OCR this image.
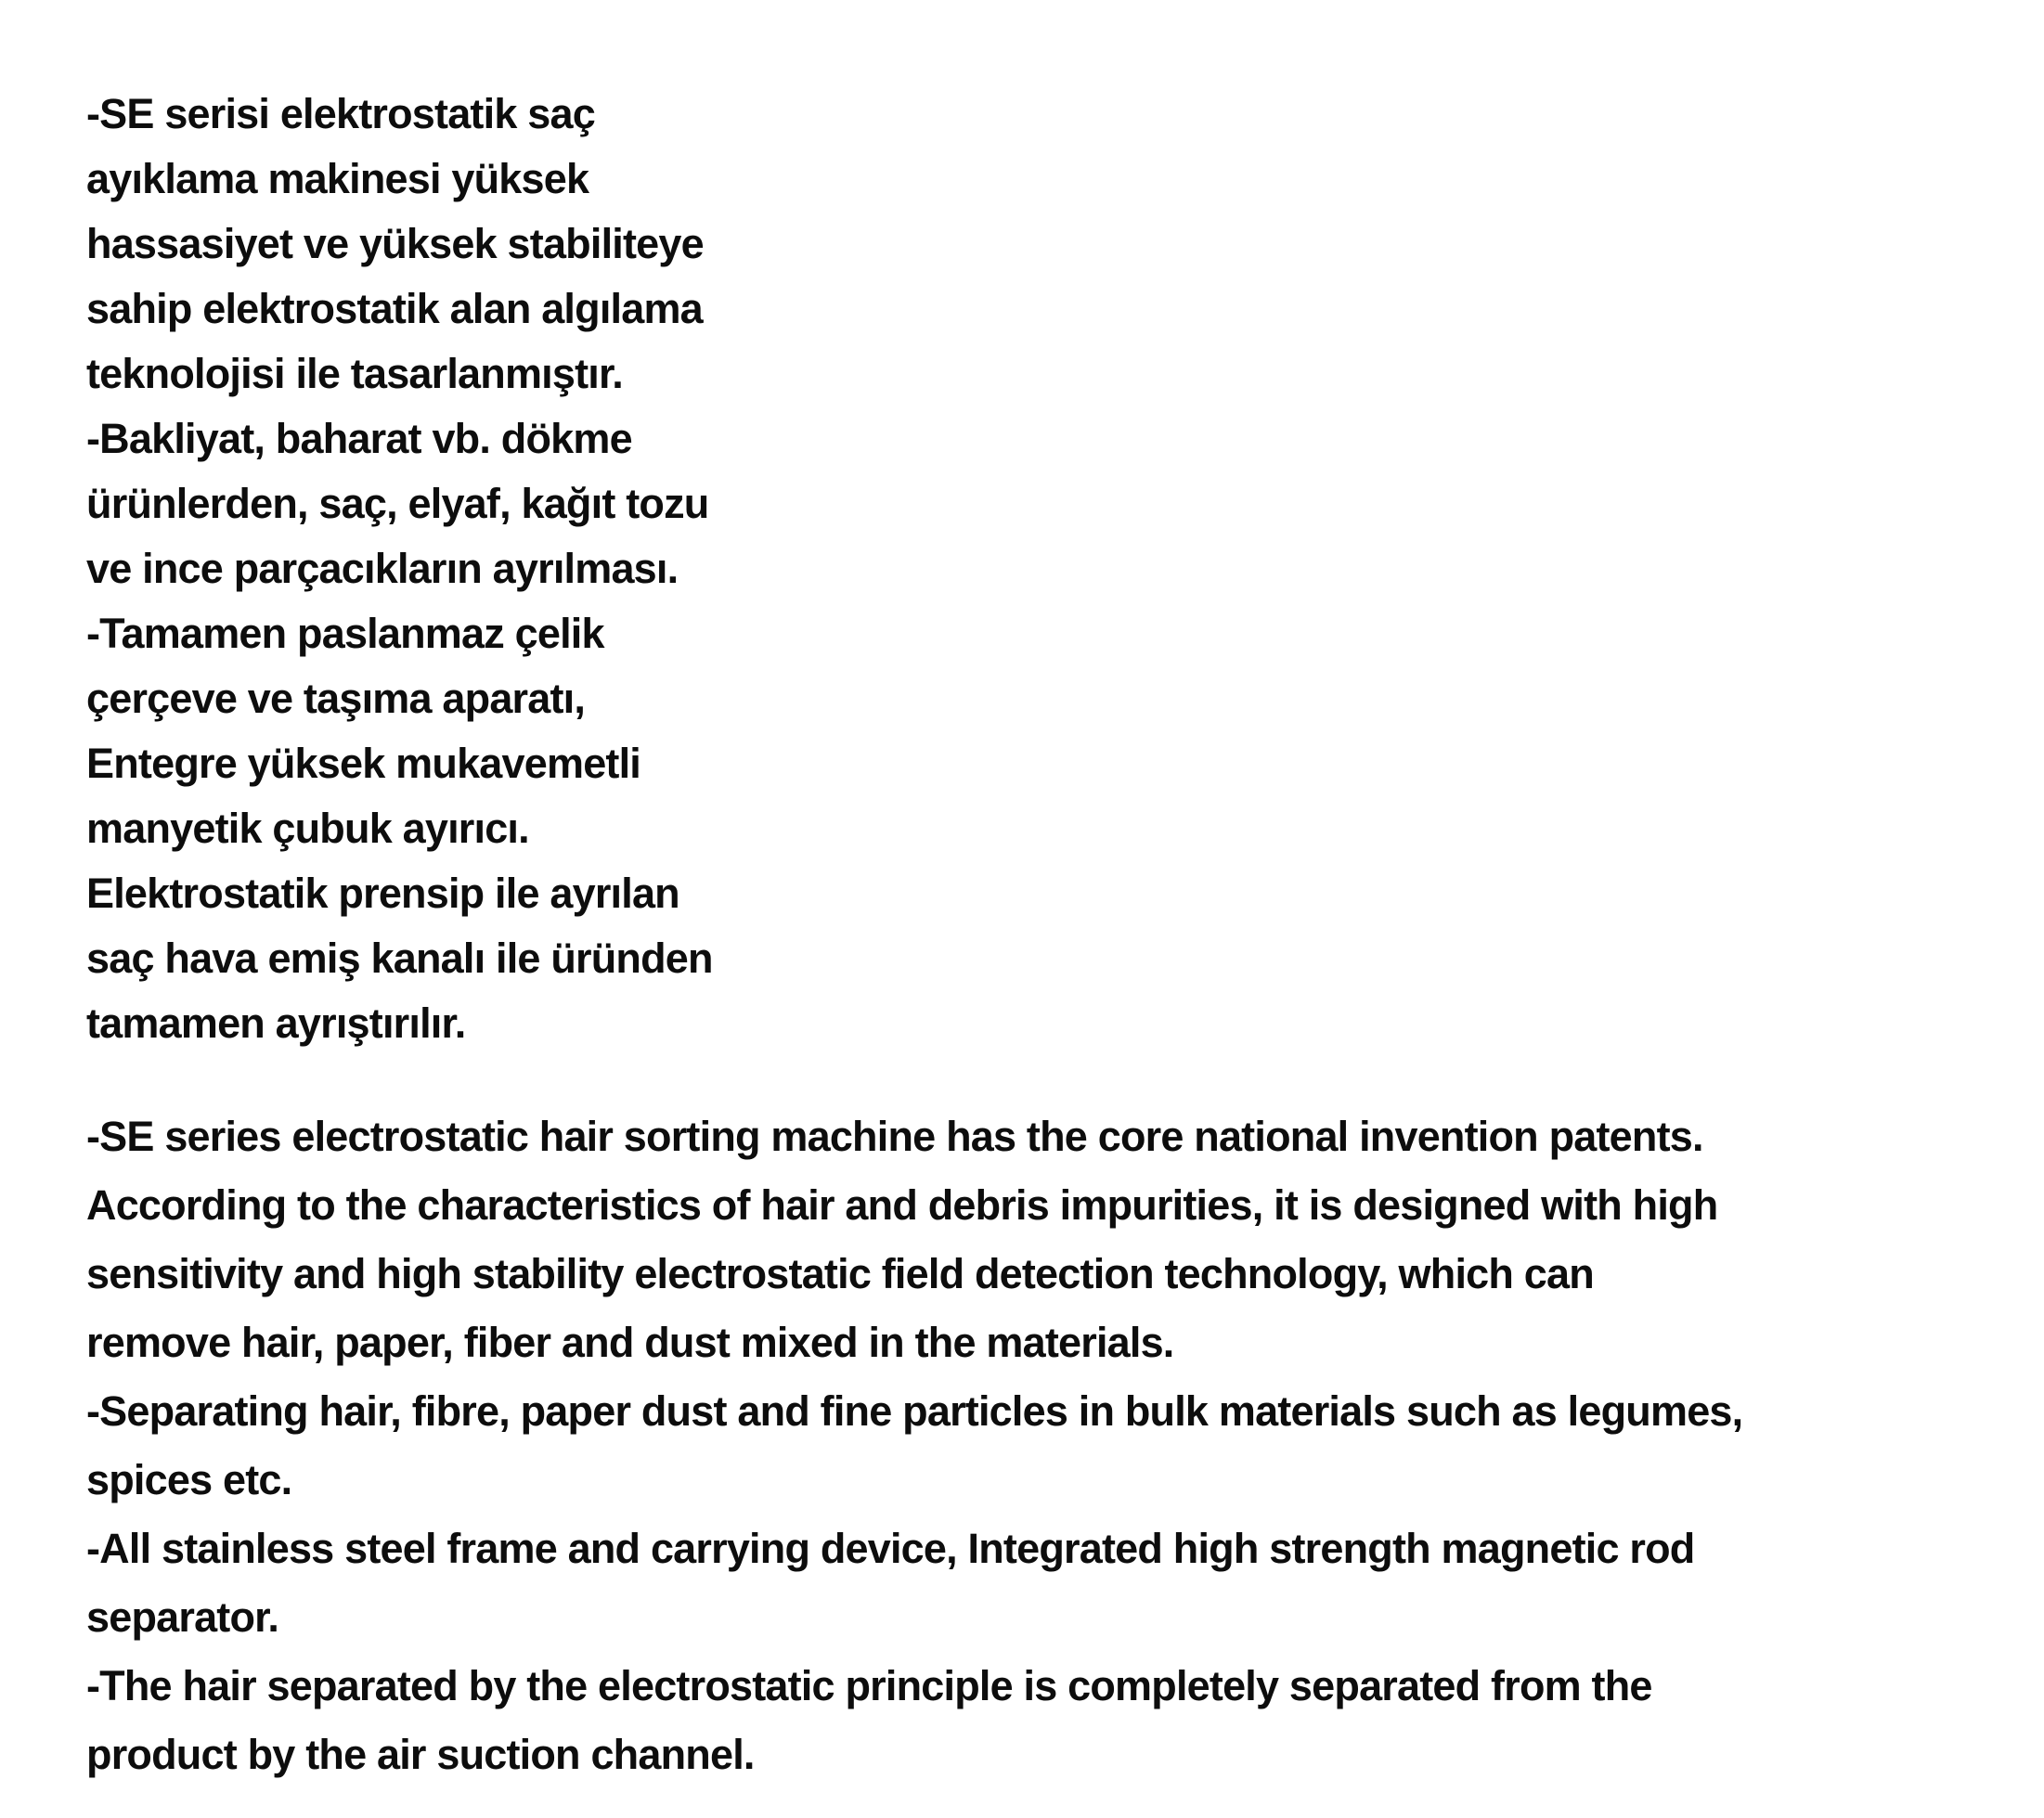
-SE serisi elektrostatik saç
ayıklama makinesi yüksek
hassasiyet ve yüksek stabiliteye
sahip elektrostatik alan algılama
teknolojisi ile tasarlanmıştır.
-Bakliyat, baharat vb. dökme
ürünlerden, saç, elyaf, kağıt tozu
ve ince parçacıkların ayrılması.
-Tamamen paslanmaz çelik
çerçeve ve taşıma aparatı,
Entegre yüksek mukavemetli
manyetik çubuk ayırıcı.
Elektrostatik prensip ile ayrılan
saç hava emiş kanalı ile üründen
tamamen ayrıştırılır.
-SE series electrostatic hair sorting machine has the core national invention patents.
According to the characteristics of hair and debris impurities, it is designed with high
sensitivity and high stability electrostatic field detection technology, which can
remove hair, paper, fiber and dust mixed in the materials.
-Separating hair, fibre, paper dust and fine particles in bulk materials such as legumes,
spices etc.
-All stainless steel frame and carrying device, Integrated high strength magnetic rod
separator.
-The hair separated by the electrostatic principle is completely separated from the
product by the air suction channel.
